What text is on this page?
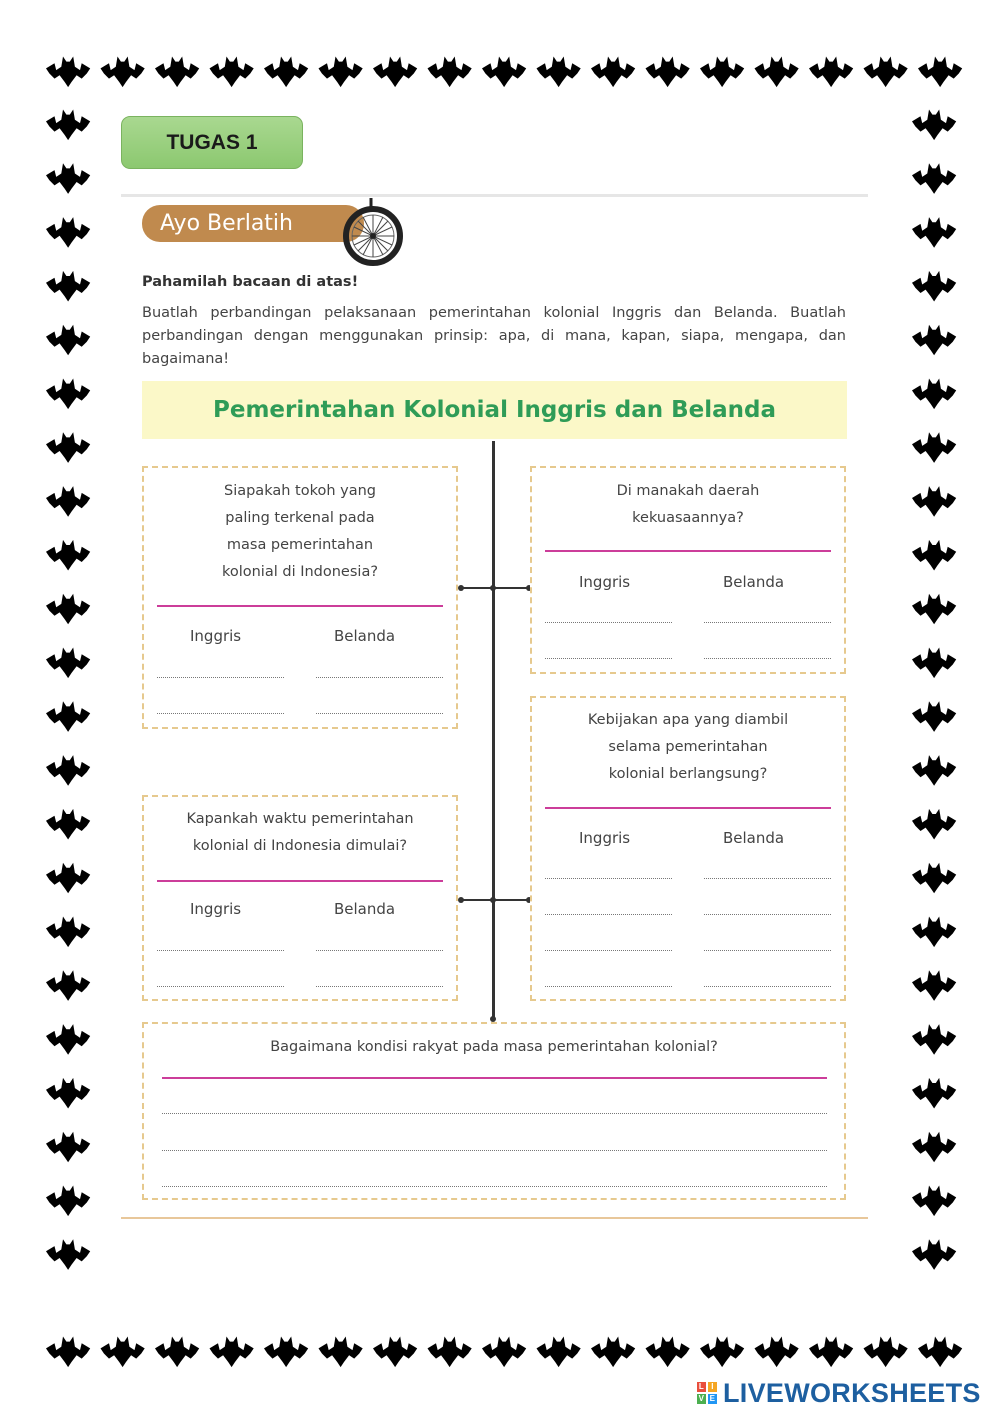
TUGAS 1
Ayo Berlatih
Pahamilah bacaan di atas!
Buatlah perbandingan pelaksanaan pemerintahan kolonial Inggris dan Belanda. Buatlah perbandingan dengan menggunakan prinsip: apa, di mana, kapan, siapa, mengapa, dan bagaimana!
Pemerintahan Kolonial Inggris dan Belanda
Siapakah tokoh yang
paling terkenal pada
masa pemerintahan
kolonial di Indonesia?
Inggris	Belanda
Di manakah daerah
kekuasaannya?
Inggris	Belanda
Kebijakan apa yang diambil
selama pemerintahan
kolonial berlangsung?
Inggris	Belanda
Kapankah waktu pemerintahan
kolonial di Indonesia dimulai?
Inggris	Belanda
Bagaimana kondisi rakyat pada masa pemerintahan kolonial?
L I
V E LIVEWORKSHEETS
